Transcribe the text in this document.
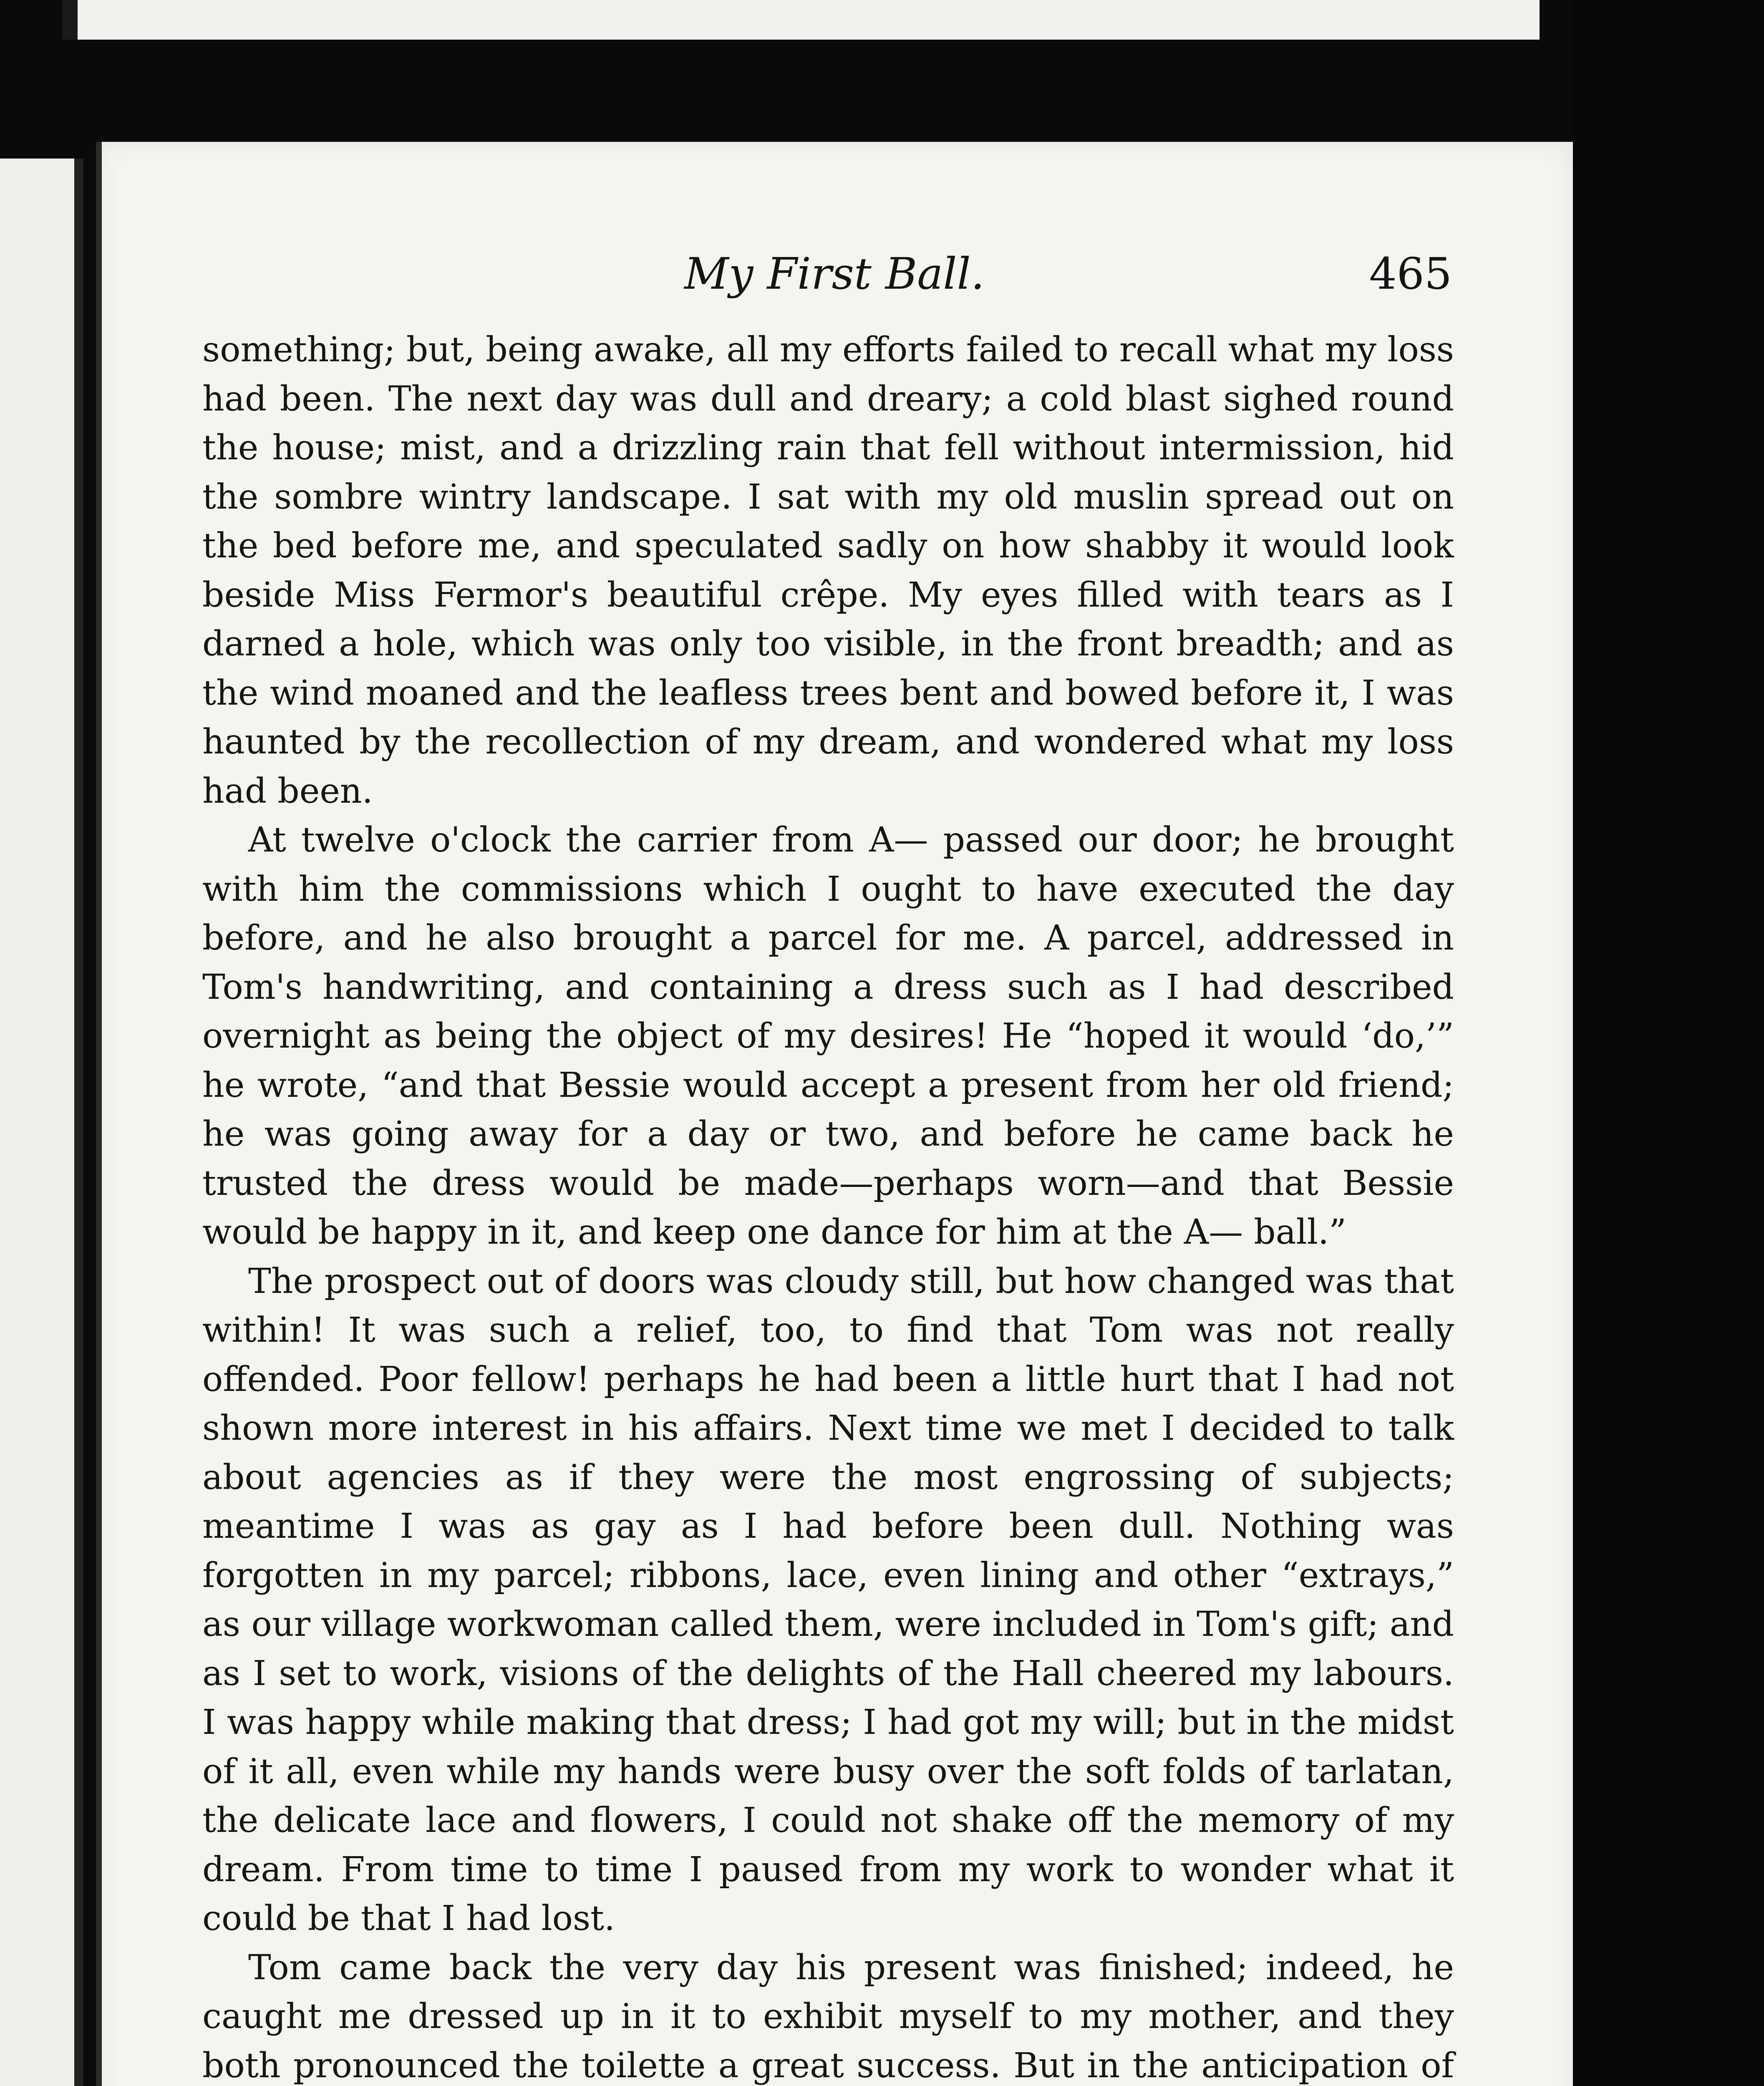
My First Ball.	465

something; but, being awake, all my efforts failed to recall what my loss had been. The next day was dull and dreary; a cold blast sighed round the house; mist, and a drizzling rain that fell without intermission, hid the sombre wintry landscape. I sat with my old muslin spread out on the bed before me, and speculated sadly on how shabby it would look beside Miss Fermor's beautiful crêpe. My eyes filled with tears as I darned a hole, which was only too visible, in the front breadth; and as the wind moaned and the leafless trees bent and bowed before it, I was haunted by the recollection of my dream, and wondered what my loss had been.

At twelve o'clock the carrier from A— passed our door; he brought with him the commissions which I ought to have executed the day before, and he also brought a parcel for me. A parcel, addressed in Tom's handwriting, and containing a dress such as I had described overnight as being the object of my desires! He “hoped it would ‘do,’” he wrote, “and that Bessie would accept a present from her old friend; he was going away for a day or two, and before he came back he trusted the dress would be made—perhaps worn—and that Bessie would be happy in it, and keep one dance for him at the A— ball.”

The prospect out of doors was cloudy still, but how changed was that within! It was such a relief, too, to find that Tom was not really offended. Poor fellow! perhaps he had been a little hurt that I had not shown more interest in his affairs. Next time we met I decided to talk about agencies as if they were the most engrossing of subjects; meantime I was as gay as I had before been dull. Nothing was forgotten in my parcel; ribbons, lace, even lining and other “extrays,” as our village workwoman called them, were included in Tom's gift; and as I set to work, visions of the delights of the Hall cheered my labours. I was happy while making that dress; I had got my will; but in the midst of it all, even while my hands were busy over the soft folds of tarlatan, the delicate lace and flowers, I could not shake off the memory of my dream. From time to time I paused from my work to wonder what it could be that I had lost.

Tom came back the very day his present was finished; indeed, he caught me dressed up in it to exhibit myself to my mother, and they both pronounced the toilette a great success. But in the anticipation of
